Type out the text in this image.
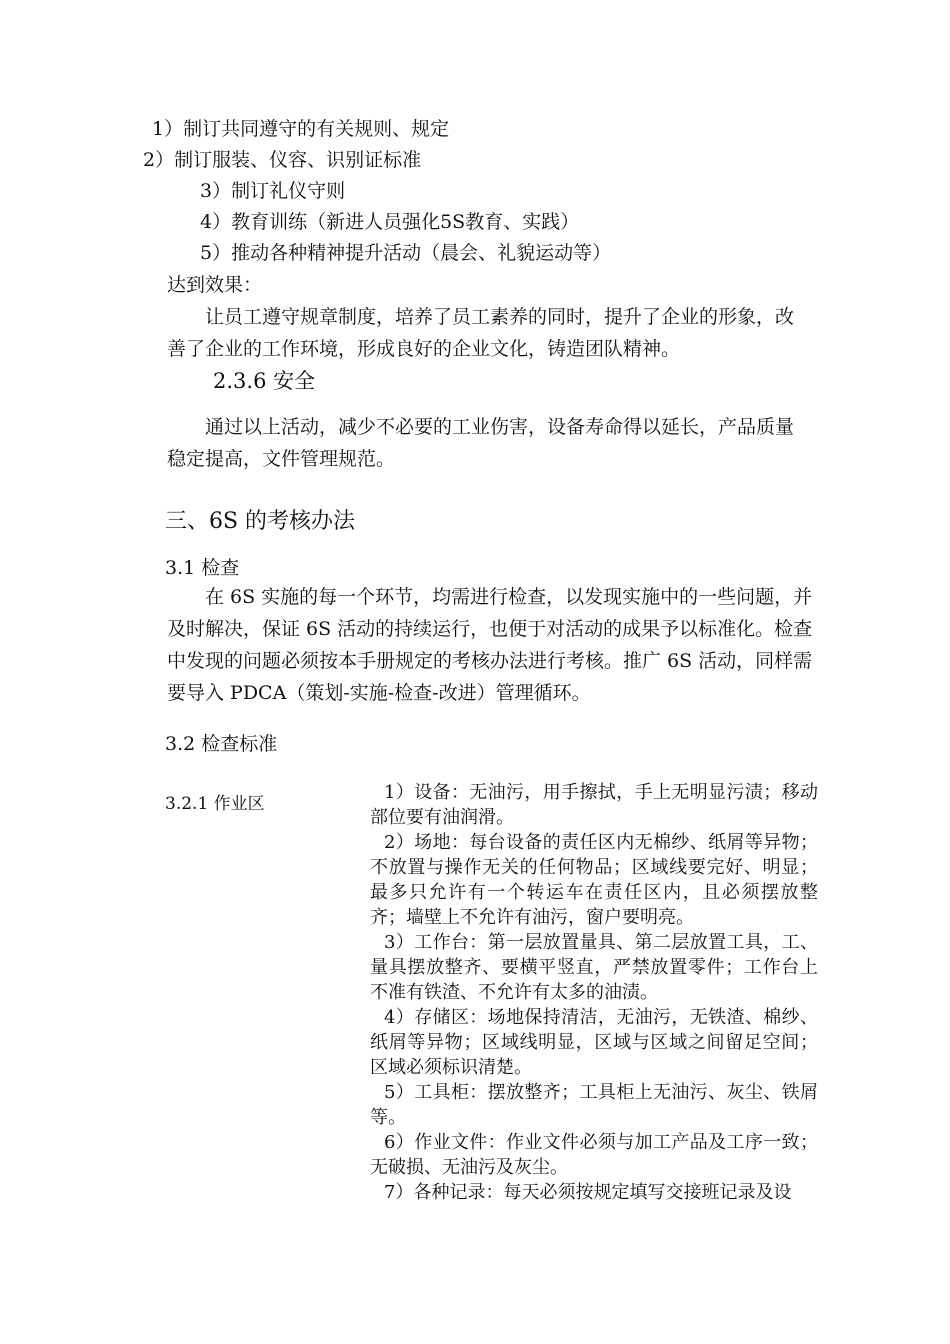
1）制订共同遵守的有关规则、规定
2）制订服装、仪容、识别证标准
3）制订礼仪守则
4）教育训练（新进人员强化5S教育、实践）
5）推动各种精神提升活动（晨会、礼貌运动等）
达到效果：
让员工遵守规章制度，培养了员工素养的同时，提升了企业的形象，改
善了企业的工作环境，形成良好的企业文化，铸造团队精神。
2.3.6 安全
通过以上活动，减少不必要的工业伤害，设备寿命得以延长，产品质量
稳定提高，文件管理规范。
三、6S 的考核办法
3.1 检查
在 6S 实施的每一个环节，均需进行检查，以发现实施中的一些问题，并
及时解决，保证 6S 活动的持续运行，也便于对活动的成果予以标准化。检查
中发现的问题必须按本手册规定的考核办法进行考核。推广 6S 活动，同样需
要导入 PDCA（策划-实施-检查-改进）管理循环。
3.2 检查标准
3.2.1 作业区

1）设备：无油污，用手擦拭，手上无明显污渍；移动部位要有油润滑。

2）场地：每台设备的责任区内无棉纱、纸屑等异物；不放置与操作无关的任何物品；区域线要完好、明显；最多只允许有一个转运车在责任区内，且必须摆放整齐；墙壁上不允许有油污，窗户要明亮。

3）工作台：第一层放置量具、第二层放置工具，工、量具摆放整齐、要横平竖直，严禁放置零件；工作台上不准有铁渣、不允许有太多的油渍。

4）存储区：场地保持清洁，无油污，无铁渣、棉纱、纸屑等异物；区域线明显，区域与区域之间留足空间；区域必须标识清楚。

5）工具柜：摆放整齐；工具柜上无油污、灰尘、铁屑等。

6）作业文件：作业文件必须与加工产品及工序一致；无破损、无油污及灰尘。

7）各种记录：每天必须按规定填写交接班记录及设
